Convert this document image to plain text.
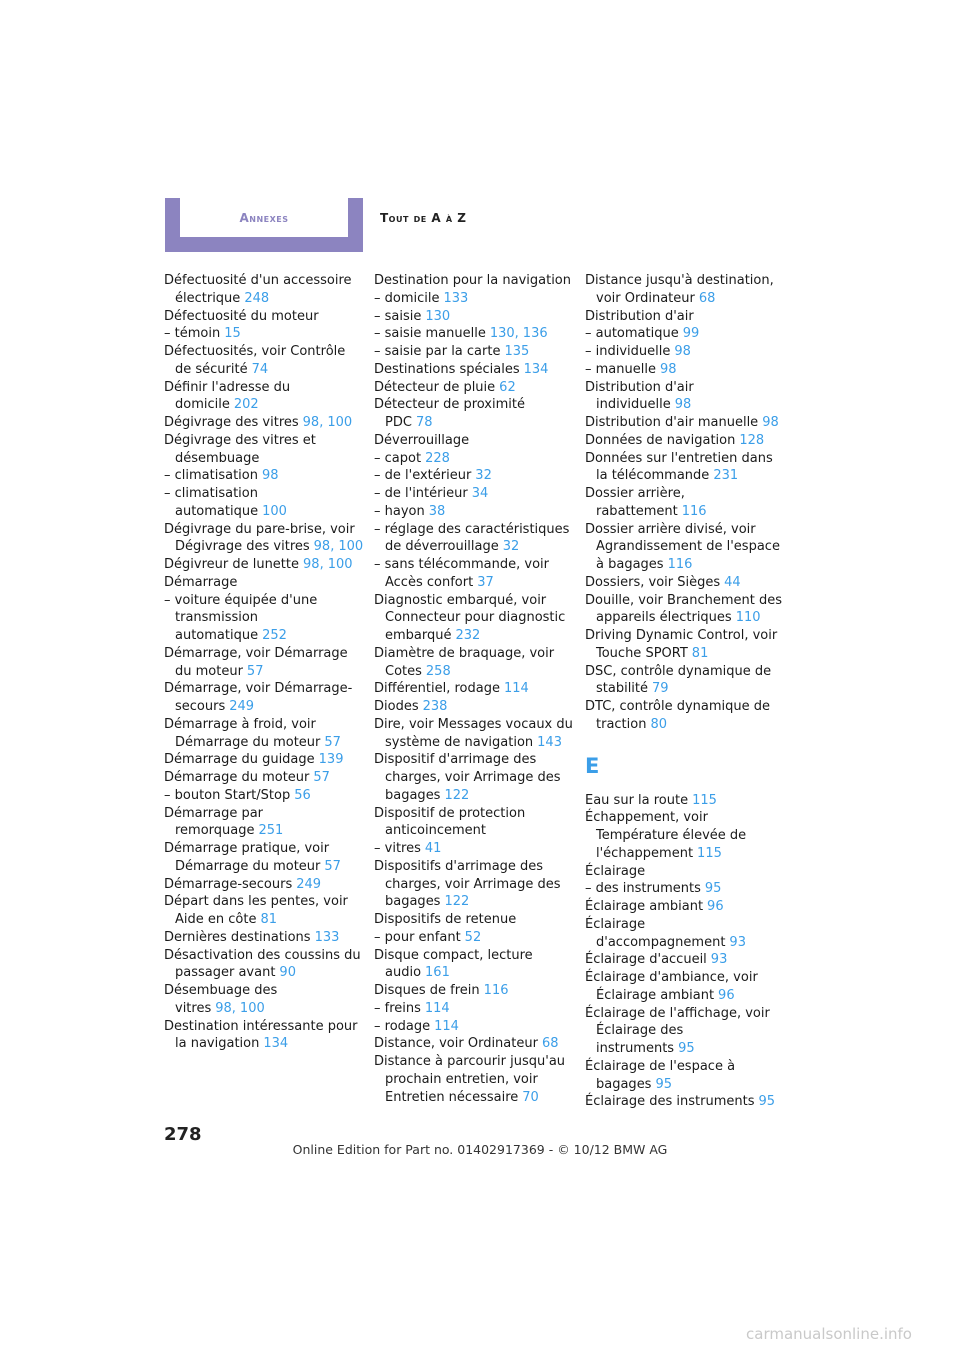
Annexes	Tout de A à Z

Défectuosité d'un accessoire électrique 248

Défectuosité du moteur

– témoin 15

Défectuosités, voir Contrôle de sécurité 74

Définir l'adresse du domicile 202

Dégivrage des vitres 98, 100

Dégivrage des vitres et désembuage

– climatisation 98

– climatisation automatique 100

Dégivrage du pare-brise, voir Dégivrage des vitres 98, 100

Dégivreur de lunette 98, 100

Démarrage

– voiture équipée d'une transmission automatique 252

Démarrage, voir Démarrage du moteur 57

Démarrage, voir Démarrage-secours 249

Démarrage à froid, voir Démarrage du moteur 57

Démarrage du guidage 139

Démarrage du moteur 57

– bouton Start/Stop 56

Démarrage par remorquage 251

Démarrage pratique, voir Démarrage du moteur 57

Démarrage-secours 249

Départ dans les pentes, voir Aide en côte 81

Dernières destinations 133

Désactivation des coussins du passager avant 90

Désembuage des vitres 98, 100

Destination intéressante pour la navigation 134

Destination pour la navigation

– domicile 133

– saisie 130

– saisie manuelle 130, 136

– saisie par la carte 135

Destinations spéciales 134

Détecteur de pluie 62

Détecteur de proximité PDC 78

Déverrouillage

– capot 228

– de l'extérieur 32

– de l'intérieur 34

– hayon 38

– réglage des caractéristiques de déverrouillage 32

– sans télécommande, voir Accès confort 37

Diagnostic embarqué, voir Connecteur pour diagnostic embarqué 232

Diamètre de braquage, voir Cotes 258

Différentiel, rodage 114

Diodes 238

Dire, voir Messages vocaux du système de navigation 143

Dispositif d'arrimage des charges, voir Arrimage des bagages 122

Dispositif de protection anticoincement

– vitres 41

Dispositifs d'arrimage des charges, voir Arrimage des bagages 122

Dispositifs de retenue

– pour enfant 52

Disque compact, lecture audio 161

Disques de frein 116

– freins 114

– rodage 114

Distance, voir Ordinateur 68

Distance à parcourir jusqu'au prochain entretien, voir Entretien nécessaire 70

Distance jusqu'à destination, voir Ordinateur 68

Distribution d'air

– automatique 99

– individuelle 98

– manuelle 98

Distribution d'air individuelle 98

Distribution d'air manuelle 98

Données de navigation 128

Données sur l'entretien dans la télécommande 231

Dossier arrière, rabattement 116

Dossier arrière divisé, voir Agrandissement de l'espace à bagages 116

Dossiers, voir Sièges 44

Douille, voir Branchement des appareils électriques 110

Driving Dynamic Control, voir Touche SPORT 81

DSC, contrôle dynamique de stabilité 79

DTC, contrôle dynamique de traction 80

E

Eau sur la route 115

Échappement, voir Température élevée de l'échappement 115

Éclairage

– des instruments 95

Éclairage ambiant 96

Éclairage d'accompagnement 93

Éclairage d'accueil 93

Éclairage d'ambiance, voir Éclairage ambiant 96

Éclairage de l'affichage, voir Éclairage des instruments 95

Éclairage de l'espace à bagages 95

Éclairage des instruments 95

278
Online Edition for Part no. 01402917369 - © 10/12 BMW AG
carmanualsonline.info
